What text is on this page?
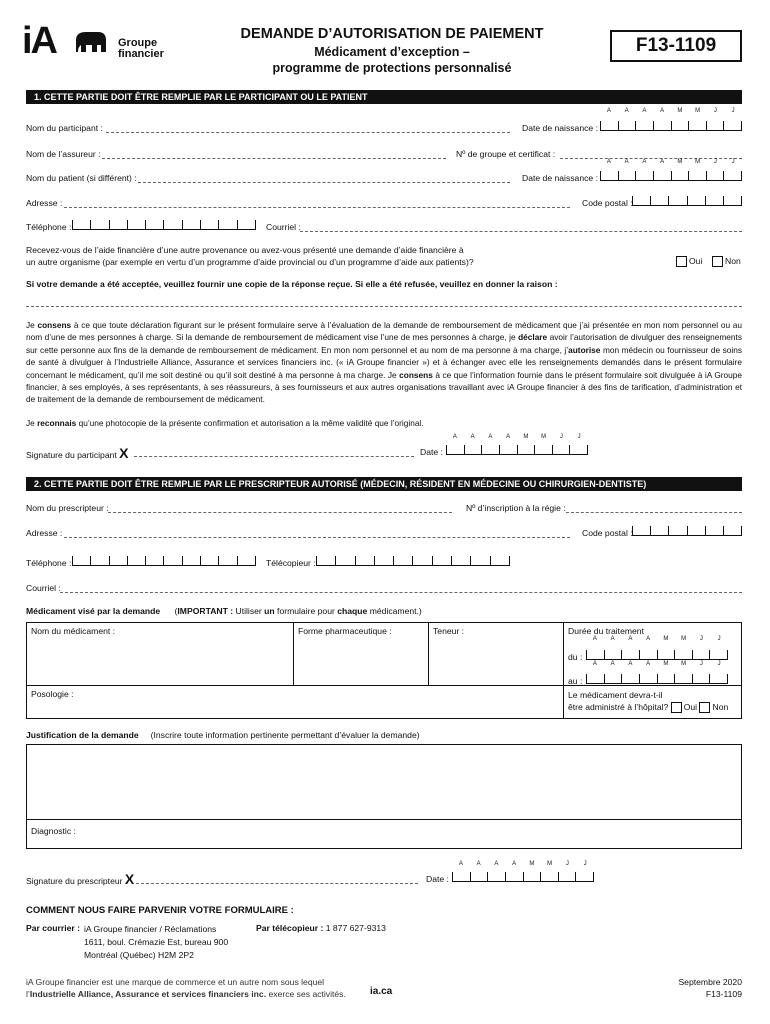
iA	Groupe
financier
DEMANDE D’AUTORISATION DE PAIEMENT
Médicament d’exception –
programme de protections personnalisé
F13-1109
1. CETTE PARTIE DOIT ÊTRE REMPLIE PAR LE PARTICIPANT OU LE PATIENT
A	A	A	A	M	M	J	J
Nom du participant :	Date de naissance :
Nom de l’assureur :	Nº de groupe et certificat :
A	A	A	A	M	M	J	J
Nom du patient (si différent) :	Date de naissance :
Adresse :	Code postal :
Téléphone :	Courriel :
Recevez-vous de l’aide financière d’une autre provenance ou avez-vous présenté une demande d’aide financière à
un autre organisme (par exemple en vertu d’un programme d’aide provincial ou d’un programme d’aide aux patients)?	Oui	Non
Si votre demande a été acceptée, veuillez fournir une copie de la réponse reçue. Si elle a été refusée, veuillez en donner la raison :
Je consens à ce que toute déclaration figurant sur le présent formulaire serve à l’évaluation de la demande de remboursement de médicament que j’ai présentée en mon nom personnel ou au nom d’une de mes personnes à charge. Si la demande de remboursement de médicament vise l’une de mes personnes à charge, je déclare avoir l’autorisation de divulguer des renseignements sur cette personne aux fins de la demande de remboursement de médicament. En mon nom personnel et au nom de ma personne à ma charge, j’autorise mon médecin ou fournisseur de soins de santé à divulguer à l’Industrielle Alliance, Assurance et services financiers inc. (« iA Groupe financier ») et à échanger avec elle les renseignements demandés dans le présent formulaire concernant le médicament, qu’il me soit destiné ou qu’il soit destiné à ma personne à ma charge. Je consens à ce que l’information fournie dans le présent formulaire soit divulguée à iA Groupe financier, à ses employés, à ses représentants, à ses réassureurs, à ses fournisseurs et aux autres organisations travaillant avec iA Groupe financier à des fins de tarification, d’administration et de traitement de la demande de remboursement de médicament.
Je reconnais qu’une photocopie de la présente confirmation et autorisation a la même validité que l’original.
A	A	A	A	M	M	J	J
Signature du participant X	Date :
2. CETTE PARTIE DOIT ÊTRE REMPLIE PAR LE PRESCRIPTEUR AUTORISÉ (MÉDECIN, RÉSIDENT EN MÉDECINE OU CHIRURGIEN-DENTISTE)
Nom du prescripteur :	Nº d’inscription à la régie :
Adresse :	Code postal :
Téléphone :	Télécopieur :
Courriel :
Médicament visé par la demande (IMPORTANT : Utiliser un formulaire pour chaque médicament.)
Nom du médicament :	Forme pharmaceutique :	Teneur :	Durée du traitement
A	A	A	A	M	M	J	J
du :
A	A	A	A	M	M	J	J
au :
Posologie :	Le médicament devra-t-il
être administré à l’hôpital? Oui Non
Justification de la demande (Inscrire toute information pertinente permettant d’évaluer la demande)
Diagnostic :
A	A	A	A	M	M	J	J
Signature du prescripteur X	Date :
COMMENT NOUS FAIRE PARVENIR VOTRE FORMULAIRE :
Par courrier : iA Groupe financier / Réclamations
1611, boul. Crémazie Est, bureau 900
Montréal (Québec) H2M 2P2
Par télécopieur : 1 877 627-9313
iA Groupe financier est une marque de commerce et un autre nom sous lequel
l’Industrielle Alliance, Assurance et services financiers inc. exerce ses activités. ia.ca
Septembre 2020
F13-1109
